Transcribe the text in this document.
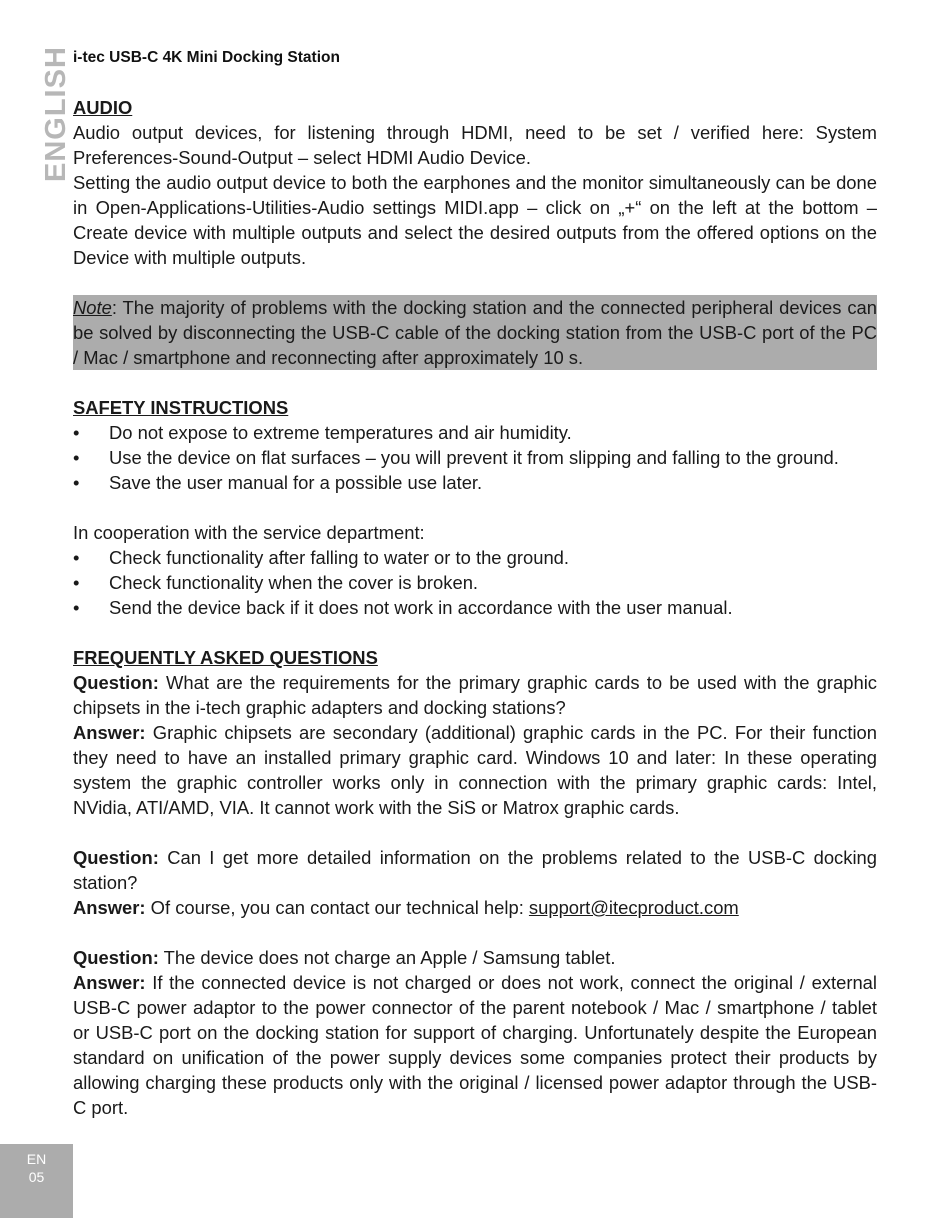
i-tec USB-C 4K Mini Docking Station
ENGLISH AUDIO

Audio output devices, for listening through HDMI, need to be set / verified here: System Preferences-Sound-Output – select HDMI Audio Device.

Setting the audio output device to both the earphones and the monitor simultaneously can be done in Open-Applications-Utilities-Audio settings MIDI.app – click on „+“ on the left at the bottom – Create device with multiple outputs and select the desired outputs from the offered options on the Device with multiple outputs.

Note: The majority of problems with the docking station and the connected peripheral devices can be solved by disconnecting the USB-C cable of the docking station from the USB-C port of the PC / Mac / smartphone and reconnecting after approximately 10 s.

SAFETY INSTRUCTIONS

•	Do not expose to extreme temperatures and air humidity.
•	Use the device on flat surfaces – you will prevent it from slipping and falling to the ground.
•	Save the user manual for a possible use later.

In cooperation with the service department:

•	Check functionality after falling to water or to the ground.
•	Check functionality when the cover is broken.
•	Send the device back if it does not work in accordance with the user manual.

FREQUENTLY ASKED QUESTIONS

Question: What are the requirements for the primary graphic cards to be used with the graphic chipsets in the i-tech graphic adapters and docking stations?

Answer: Graphic chipsets are secondary (additional) graphic cards in the PC. For their function they need to have an installed primary graphic card. Windows 10 and later: In these operating system the graphic controller works only in connection with the primary graphic cards: Intel, NVidia, ATI/AMD, VIA. It cannot work with the SiS or Matrox graphic cards.

Question: Can I get more detailed information on the problems related to the USB-C docking station?

Answer: Of course, you can contact our technical help: support@itecproduct.com

Question: The device does not charge an Apple / Samsung tablet.

Answer: If the connected device is not charged or does not work, connect the original / external USB-C power adaptor to the power connector of the parent notebook / Mac / smartphone / tablet or USB-C port on the docking station for support of charging. Unfortunately despite the European standard on unification of the power supply devices some companies protect their products by allowing charging these products only with the original / licensed power adaptor through the USB-C port.

EN
05
